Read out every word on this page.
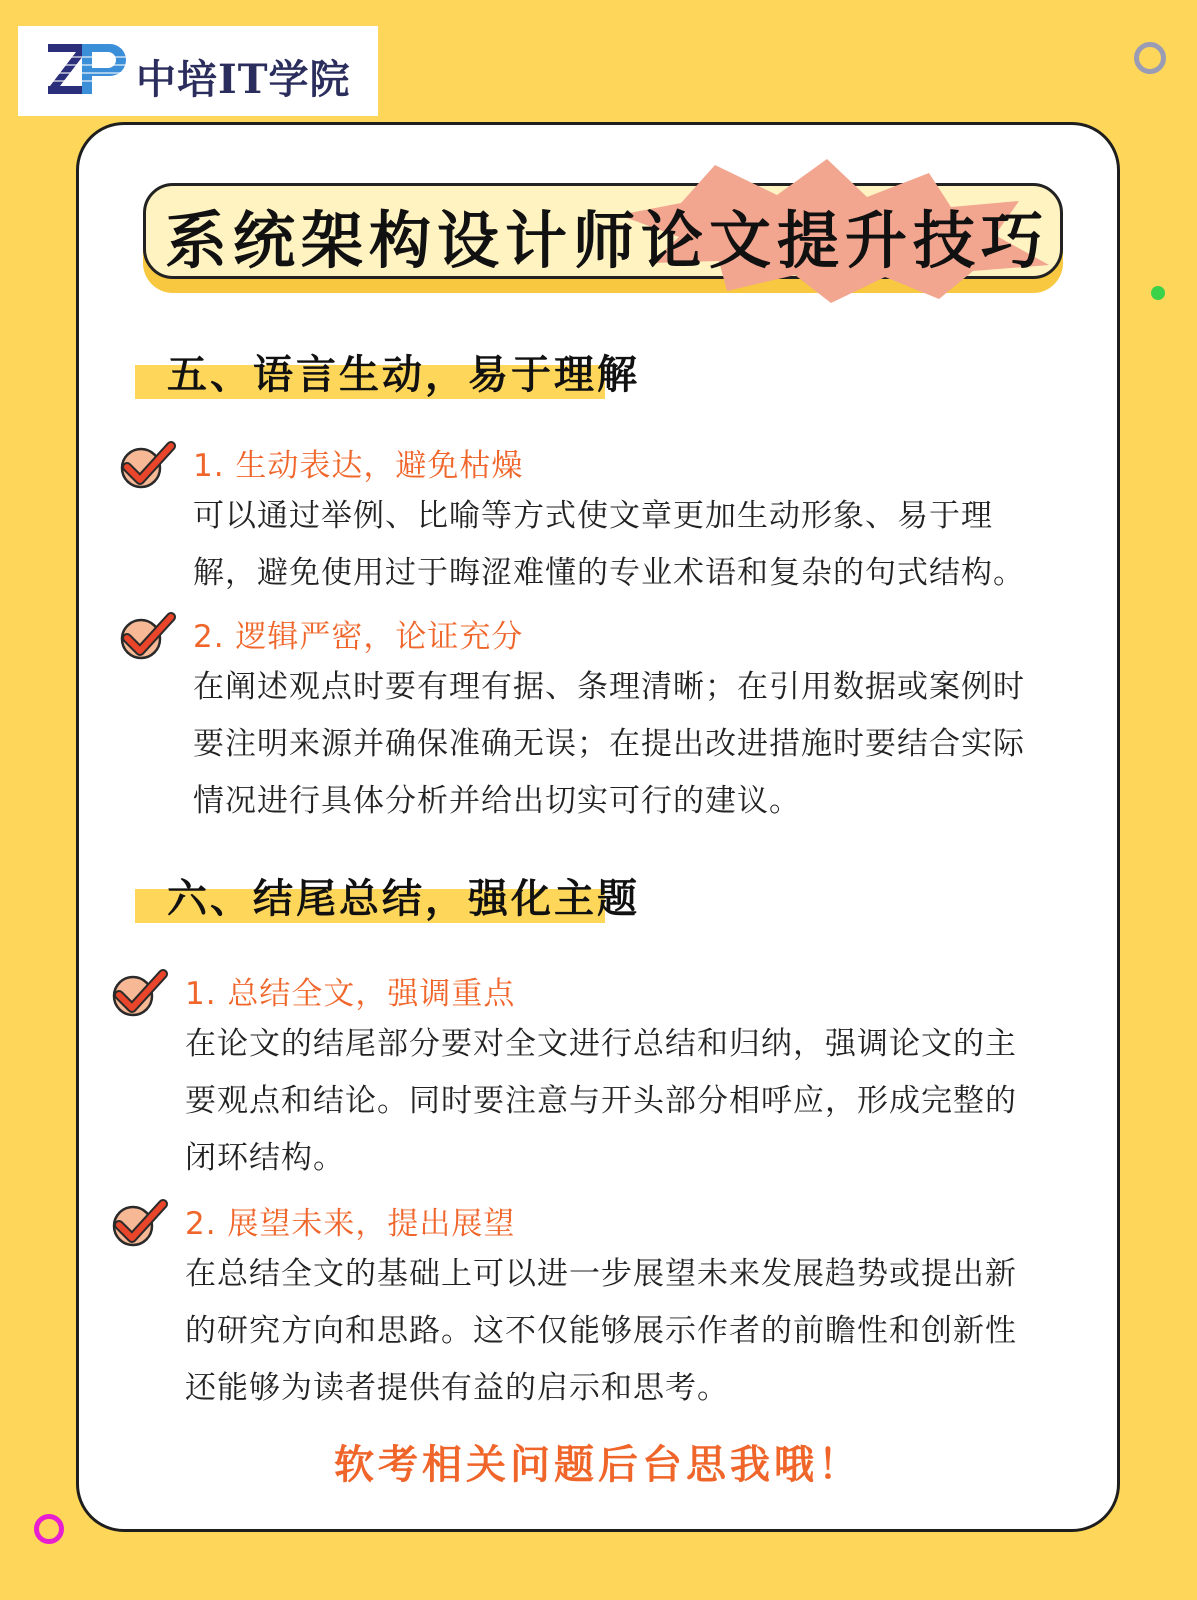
中培IT学院
系统架构设计师论文提升技巧
五、语言生动，易于理解
1. 生动表达，避免枯燥
可以通过举例、比喻等方式使文章更加生动形象、易于理
解，避免使用过于晦涩难懂的专业术语和复杂的句式结构。
2. 逻辑严密，论证充分
在阐述观点时要有理有据、条理清晰；在引用数据或案例时
要注明来源并确保准确无误；在提出改进措施时要结合实际
情况进行具体分析并给出切实可行的建议。
六、结尾总结，强化主题
1. 总结全文，强调重点
在论文的结尾部分要对全文进行总结和归纳，强调论文的主
要观点和结论。同时要注意与开头部分相呼应，形成完整的
闭环结构。
2. 展望未来，提出展望
在总结全文的基础上可以进一步展望未来发展趋势或提出新
的研究方向和思路。这不仅能够展示作者的前瞻性和创新性
还能够为读者提供有益的启示和思考。
软考相关问题后台思我哦！
